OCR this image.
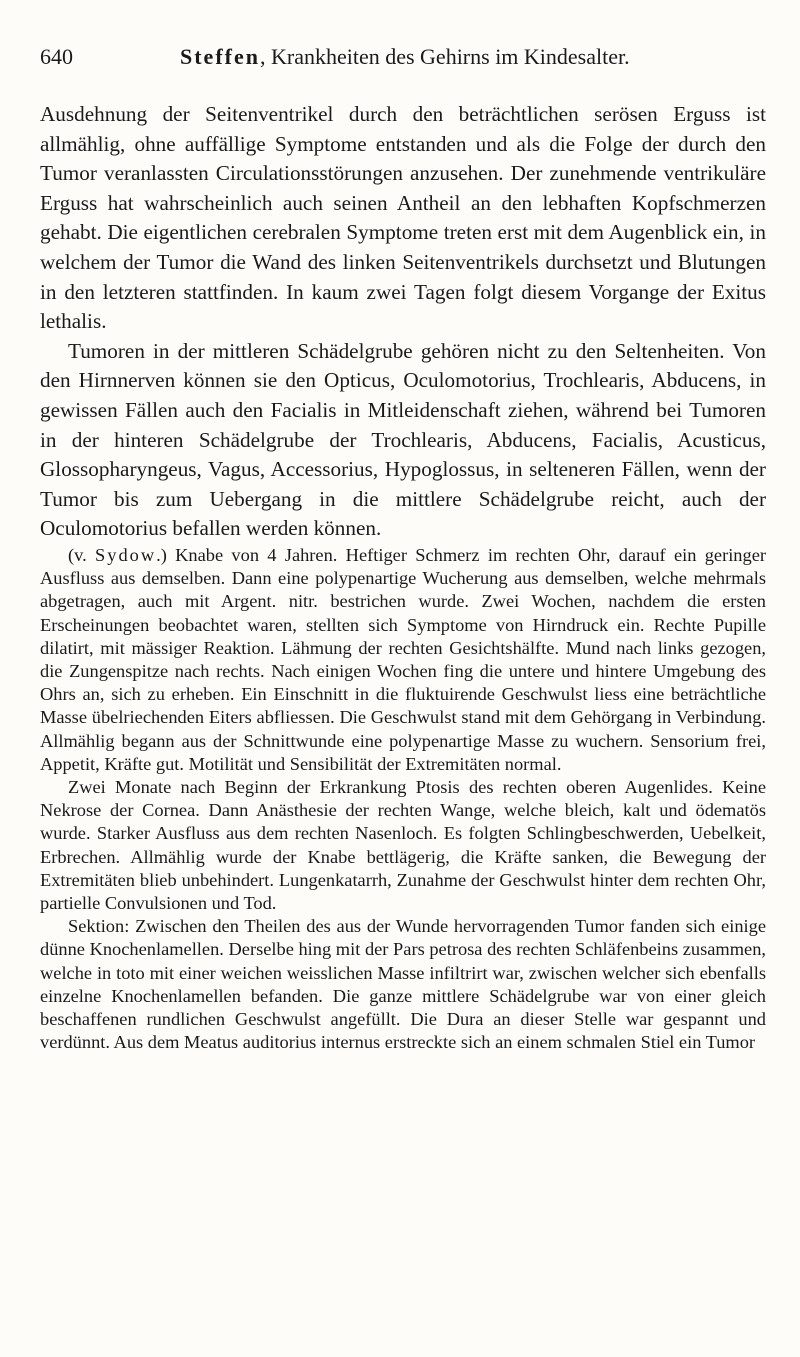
640	Steffen, Krankheiten des Gehirns im Kindesalter.

Ausdehnung der Seitenventrikel durch den beträchtlichen serösen Erguss ist allmählig, ohne auffällige Symptome entstanden und als die Folge der durch den Tumor veranlassten Circulationsstörungen anzusehen. Der zunehmende ventrikuläre Erguss hat wahrscheinlich auch seinen Antheil an den lebhaften Kopfschmerzen gehabt. Die eigentlichen cerebralen Symptome treten erst mit dem Augenblick ein, in welchem der Tumor die Wand des linken Seitenventrikels durchsetzt und Blutungen in den letzteren stattfinden. In kaum zwei Tagen folgt diesem Vorgange der Exitus lethalis.

Tumoren in der mittleren Schädelgrube gehören nicht zu den Seltenheiten. Von den Hirnnerven können sie den Opticus, Oculomotorius, Trochlearis, Abducens, in gewissen Fällen auch den Facialis in Mitleidenschaft ziehen, während bei Tumoren in der hinteren Schädelgrube der Trochlearis, Abducens, Facialis, Acusticus, Glossopharyngeus, Vagus, Accessorius, Hypoglossus, in selteneren Fällen, wenn der Tumor bis zum Uebergang in die mittlere Schädelgrube reicht, auch der Oculomotorius befallen werden können.

(v. Sydow.) Knabe von 4 Jahren. Heftiger Schmerz im rechten Ohr, darauf ein geringer Ausfluss aus demselben. Dann eine polypenartige Wucherung aus demselben, welche mehrmals abgetragen, auch mit Argent. nitr. bestrichen wurde. Zwei Wochen, nachdem die ersten Erscheinungen beobachtet waren, stellten sich Symptome von Hirndruck ein. Rechte Pupille dilatirt, mit mässiger Reaktion. Lähmung der rechten Gesichtshälfte. Mund nach links gezogen, die Zungenspitze nach rechts. Nach einigen Wochen fing die untere und hintere Umgebung des Ohrs an, sich zu erheben. Ein Einschnitt in die fluktuirende Geschwulst liess eine beträchtliche Masse übelriechenden Eiters abfliessen. Die Geschwulst stand mit dem Gehörgang in Verbindung. Allmählig begann aus der Schnittwunde eine polypenartige Masse zu wuchern. Sensorium frei, Appetit, Kräfte gut. Motilität und Sensibilität der Extremitäten normal.

Zwei Monate nach Beginn der Erkrankung Ptosis des rechten oberen Augenlides. Keine Nekrose der Cornea. Dann Anästhesie der rechten Wange, welche bleich, kalt und ödematös wurde. Starker Ausfluss aus dem rechten Nasenloch. Es folgten Schlingbeschwerden, Uebelkeit, Erbrechen. Allmählig wurde der Knabe bettlägerig, die Kräfte sanken, die Bewegung der Extremitäten blieb unbehindert. Lungenkatarrh, Zunahme der Geschwulst hinter dem rechten Ohr, partielle Convulsionen und Tod.

Sektion: Zwischen den Theilen des aus der Wunde hervorragenden Tumor fanden sich einige dünne Knochenlamellen. Derselbe hing mit der Pars petrosa des rechten Schläfenbeins zusammen, welche in toto mit einer weichen weisslichen Masse infiltrirt war, zwischen welcher sich ebenfalls einzelne Knochenlamellen befanden. Die ganze mittlere Schädelgrube war von einer gleich beschaffenen rundlichen Geschwulst angefüllt. Die Dura an dieser Stelle war gespannt und verdünnt. Aus dem Meatus auditorius internus erstreckte sich an einem schmalen Stiel ein Tumor
